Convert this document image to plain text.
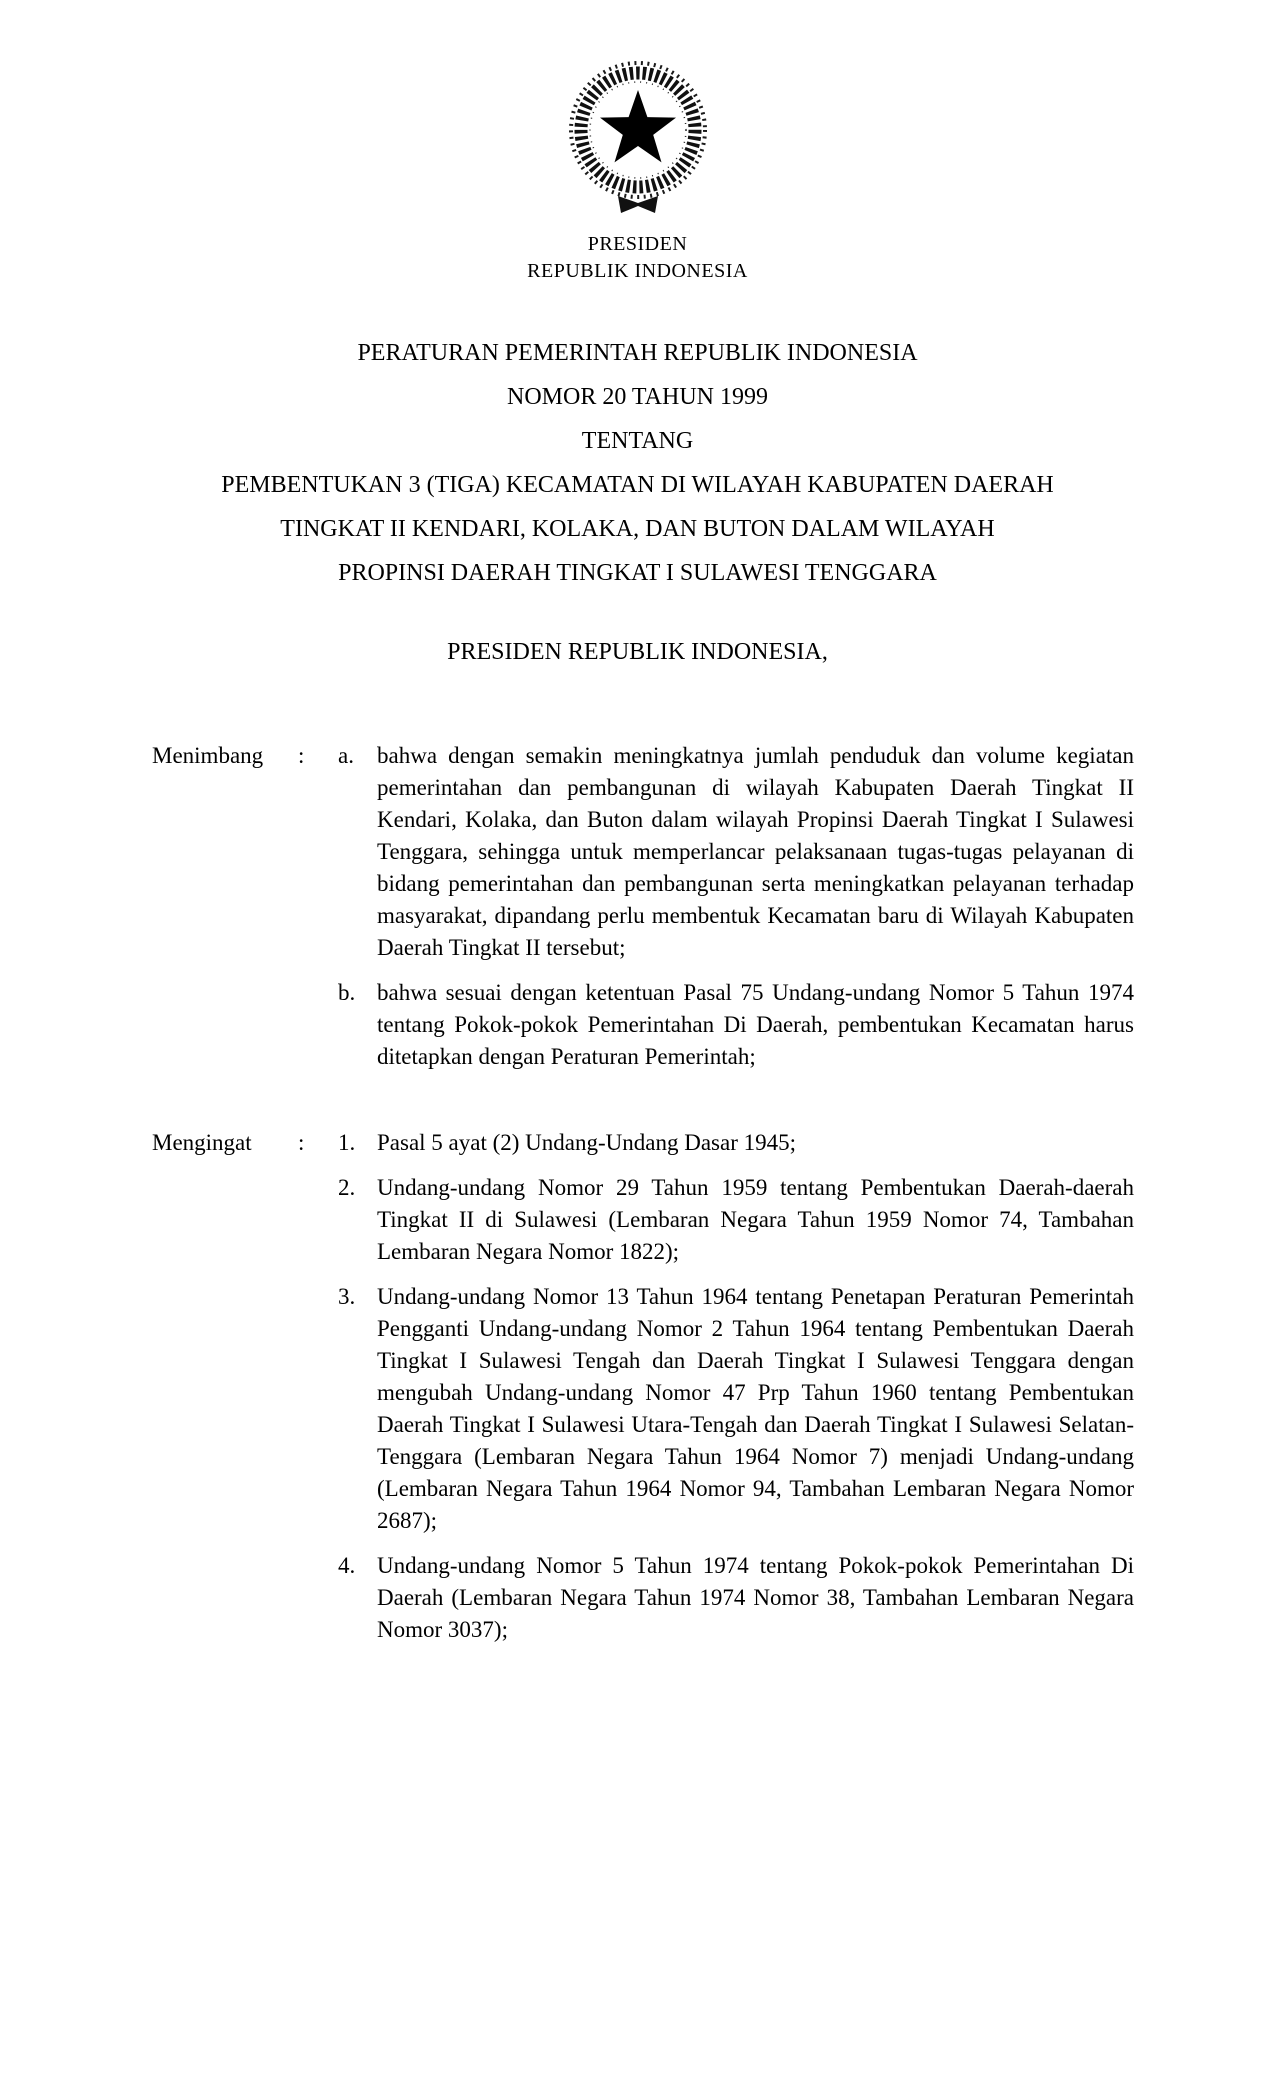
PRESIDEN
REPUBLIK INDONESIA
PERATURAN PEMERINTAH REPUBLIK INDONESIA
NOMOR 20 TAHUN 1999
TENTANG
PEMBENTUKAN 3 (TIGA) KECAMATAN DI WILAYAH KABUPATEN DAERAH
TINGKAT II KENDARI, KOLAKA, DAN BUTON DALAM WILAYAH
PROPINSI DAERAH TINGKAT I SULAWESI TENGGARA
PRESIDEN REPUBLIK INDONESIA,
Menimbang	:	a.	bahwa dengan semakin meningkatnya jumlah penduduk dan volume kegiatan pemerintahan dan pembangunan di wilayah Kabupaten Daerah Tingkat II Kendari, Kolaka, dan Buton dalam wilayah Propinsi Daerah Tingkat I Sulawesi Tenggara, sehingga untuk memperlancar pelaksanaan tugas-tugas pelayanan di bidang pemerintahan dan pembangunan serta meningkatkan pelayanan terhadap masyarakat, dipandang perlu membentuk Kecamatan baru di Wilayah Kabupaten Daerah Tingkat II tersebut;

b. bahwa sesuai dengan ketentuan Pasal 75 Undang-undang Nomor 5 Tahun 1974 tentang Pokok-pokok Pemerintahan Di Daerah, pembentukan Kecamatan harus ditetapkan dengan Peraturan Pemerintah;

Mengingat	:	1. Pasal 5 ayat (2) Undang-Undang Dasar 1945;

2. Undang-undang Nomor 29 Tahun 1959 tentang Pembentukan Daerah-daerah Tingkat II di Sulawesi (Lembaran Negara Tahun 1959 Nomor 74, Tambahan Lembaran Negara Nomor 1822);

3. Undang-undang Nomor 13 Tahun 1964 tentang Penetapan Peraturan Pemerintah Pengganti Undang-undang Nomor 2 Tahun 1964 tentang Pembentukan Daerah Tingkat I Sulawesi Tengah dan Daerah Tingkat I Sulawesi Tenggara dengan mengubah Undang-undang Nomor 47 Prp Tahun 1960 tentang Pembentukan Daerah Tingkat I Sulawesi Utara-Tengah dan Daerah Tingkat I Sulawesi Selatan-Tenggara (Lembaran Negara Tahun 1964 Nomor 7) menjadi Undang-undang (Lembaran Negara Tahun 1964 Nomor 94, Tambahan Lembaran Negara Nomor 2687);

4. Undang-undang Nomor 5 Tahun 1974 tentang Pokok-pokok Pemerintahan Di Daerah (Lembaran Negara Tahun 1974 Nomor 38, Tambahan Lembaran Negara Nomor 3037);
